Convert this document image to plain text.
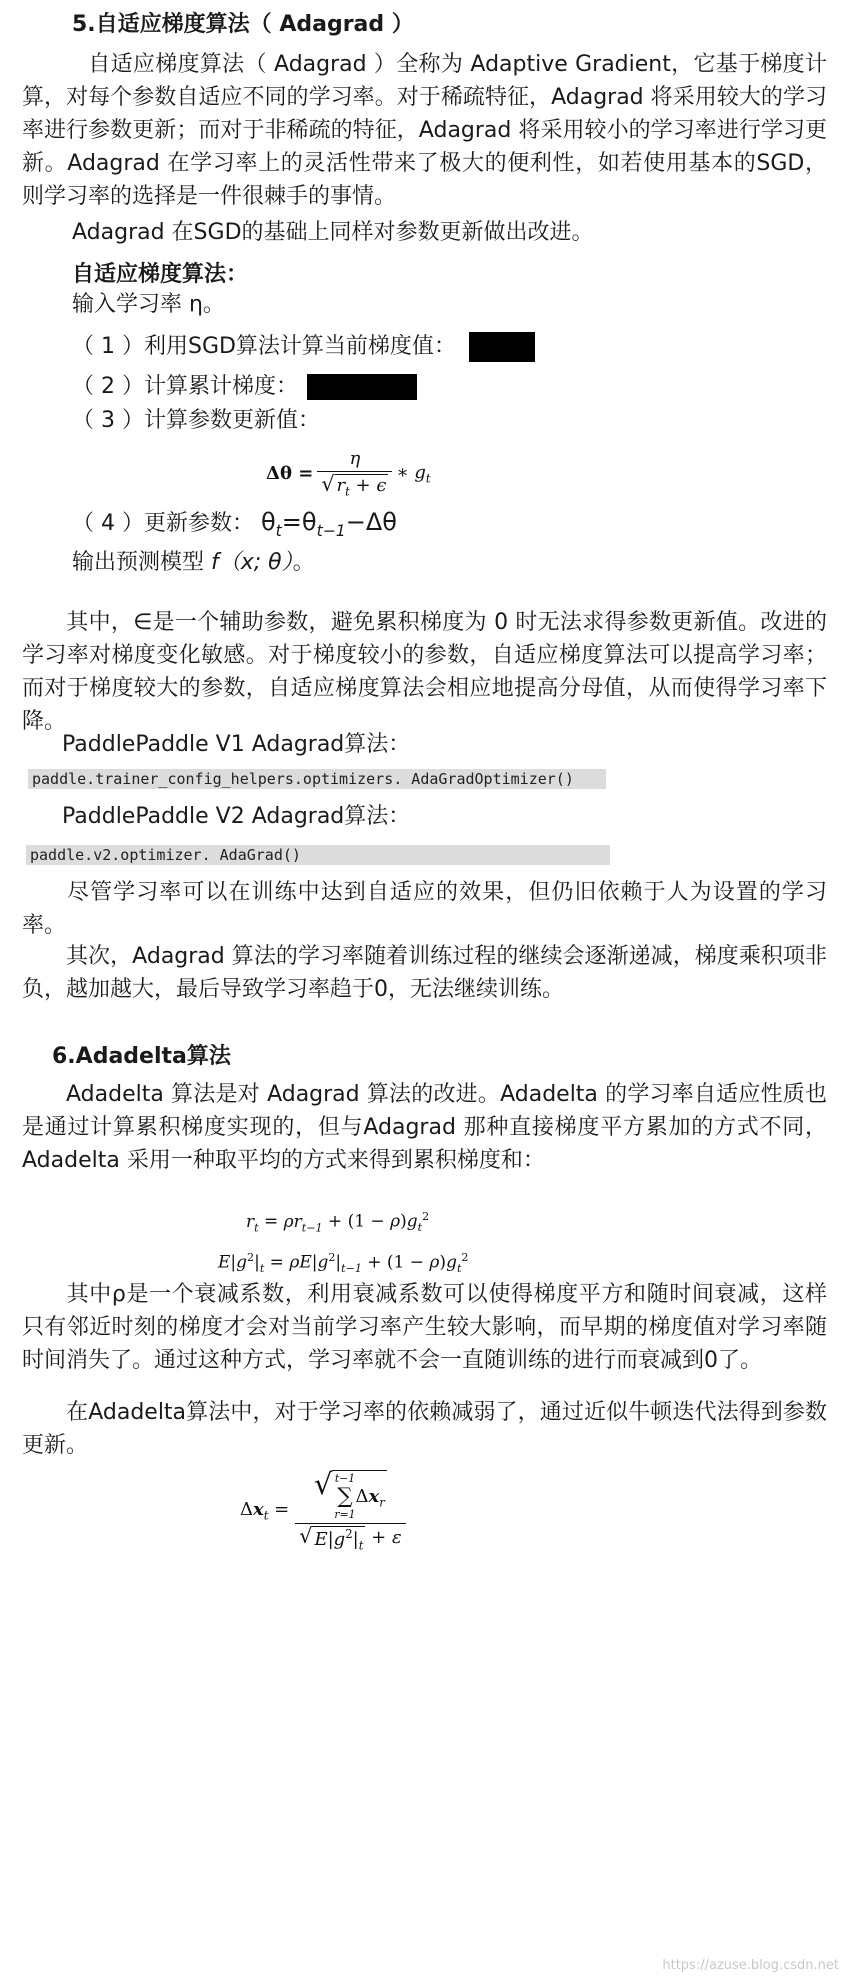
5.自适应梯度算法（ Adagrad ）

自适应梯度算法（ Adagrad ）全称为 Adaptive Gradient，它基于梯度计算，对每个参数自适应不同的学习率。对于稀疏特征，Adagrad 将采用较大的学习率进行参数更新；而对于非稀疏的特征，Adagrad 将采用较小的学习率进行学习更新。Adagrad 在学习率上的灵活性带来了极大的便利性，如若使用基本的SGD，则学习率的选择是一件很棘手的事情。

Adagrad 在SGD的基础上同样对参数更新做出改进。

自适应梯度算法：
输入学习率 η。
（ 1 ）利用SGD算法计算当前梯度值：
（ 2 ）计算累计梯度：
（ 3 ）计算参数更新值：
$\Delta\theta = \frac{\eta}{√ r_t + \epsilon}$ ∗ $g_t$
（ 4 ）更新参数： $\theta_t=\theta_{t-1}-\Delta\theta$
输出预测模型 f（x; θ）。

其中，∈是一个辅助参数，避免累积梯度为 0 时无法求得参数更新值。改进的学习率对梯度变化敏感。对于梯度较小的参数，自适应梯度算法可以提高学习率；而对于梯度较大的参数，自适应梯度算法会相应地提高分母值，从而使得学习率下降。

PaddlePaddle V1 Adagrad算法：
paddle.trainer_config_helpers.optimizers. AdaGradOptimizer()
PaddlePaddle V2 Adagrad算法：
paddle.v2.optimizer. AdaGrad()

尽管学习率可以在训练中达到自适应的效果，但仍旧依赖于人为设置的学习率。

其次，Adagrad 算法的学习率随着训练过程的继续会逐渐递减，梯度乘积项非负，越加越大，最后导致学习率趋于0，无法继续训练。

6.Adadelta算法

Adadelta 算法是对 Adagrad 算法的改进。Adadelta 的学习率自适应性质也是通过计算累积梯度实现的，但与Adagrad 那种直接梯度平方累加的方式不同，Adadelta 采用一种取平均的方式来得到累积梯度和：

$r_t = \rho r_{t-1} + (1 - \rho)g_t^2$
$E|g^2|_t = \rho E|g^2|_{t-1} + (1 - \rho)g_t^2$

其中ρ是一个衰减系数，利用衰减系数可以使得梯度平方和随时间衰减，这样只有邻近时刻的梯度才会对当前学习率产生较大影响，而早期的梯度值对学习率随时间消失了。通过这种方式，学习率就不会一直随训练的进行而衰减到0了。

在Adadelta算法中，对于学习率的依赖减弱了，通过近似牛顿迭代法得到参数更新。

$\Delta x_t$ = √ t−1
∑
r=1
$\Delta x_r$
√ $E|g^2|_t + \varepsilon$
https://azuse.blog.csdn.net
